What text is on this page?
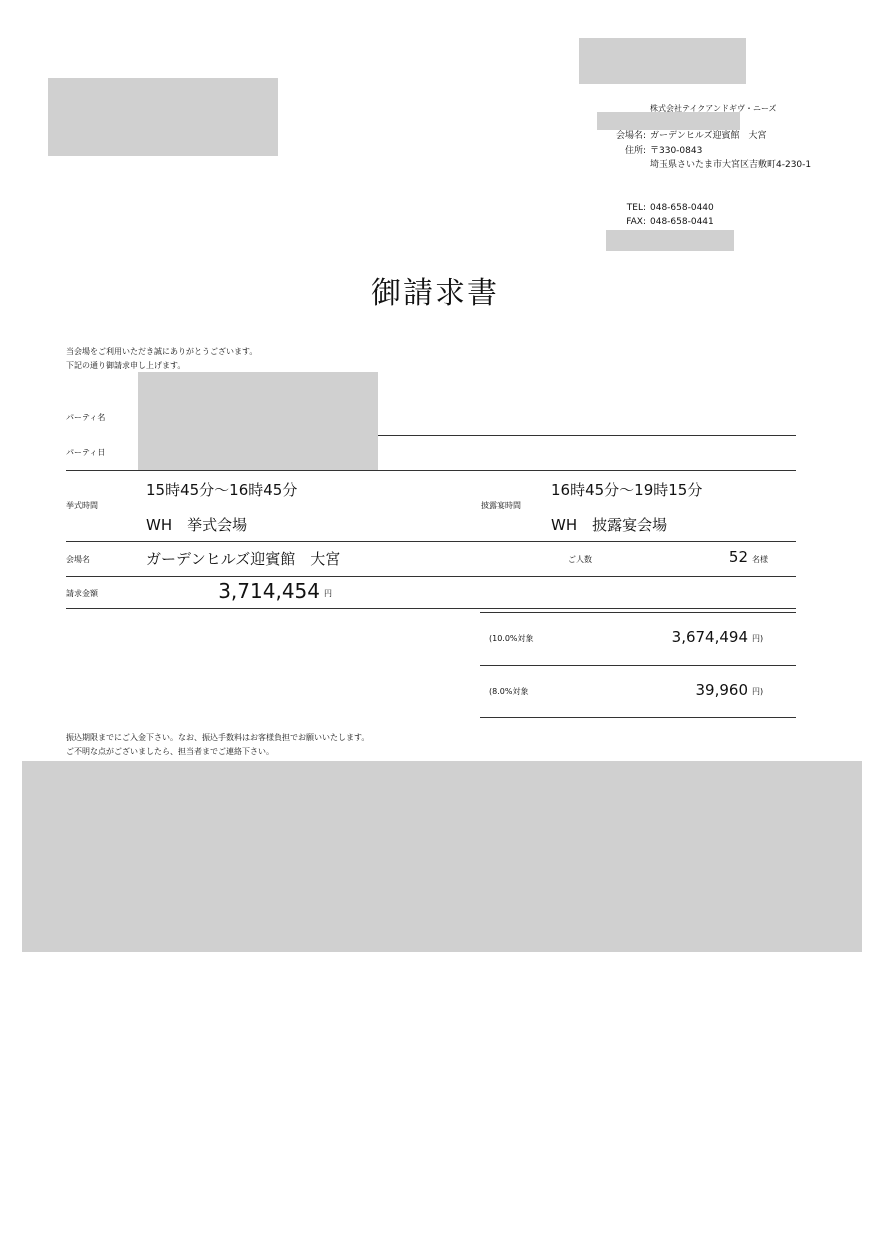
株式会社テイクアンドギヴ・ニーズ
会場名: ガーデンヒルズ迎賓館　大宮
住所: 〒330-0843
埼玉県さいたま市大宮区吉敷町4-230-1
TEL: 048-658-0440
FAX: 048-658-0441
御請求書
当会場をご利用いただき誠にありがとうございます。
下記の通り御請求申し上げます。
パーティ名
パーティ日
挙式時間
15時45分～16時45分
WH　挙式会場
披露宴時間
16時45分～19時15分
WH　披露宴会場
会場名	ガーデンヒルズ迎賓館　大宮	ご人数	52 名様
請求金額	3,714,454 円
(10.0%対象	3,674,494 円)
(8.0%対象	39,960 円)
振込期限までにご入金下さい。なお、振込手数料はお客様負担でお願いいたします。
ご不明な点がございましたら、担当者までご連絡下さい。
